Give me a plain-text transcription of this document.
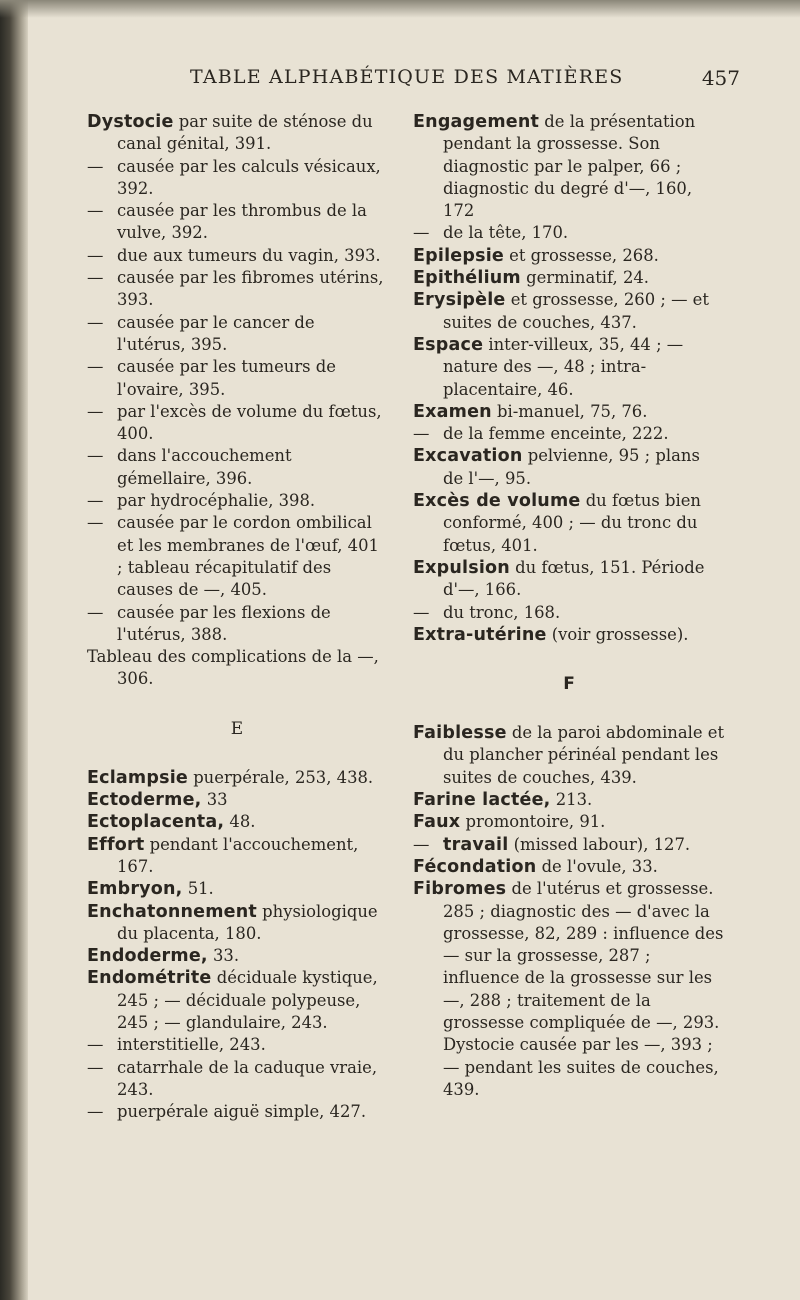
TABLE ALPHABÉTIQUE DES MATIÈRES	457

Dystocie par suite de sténose du canal génital, 391.

—causée par les calculs vésicaux, 392.

—causée par les thrombus de la vulve, 392.

—due aux tumeurs du vagin, 393.

—causée par les fibromes utérins, 393.

—causée par le cancer de l'utérus, 395.

—causée par les tumeurs de l'ovaire, 395.

—par l'excès de volume du fœtus, 400.

—dans l'accouchement gémellaire, 396.

—par hydrocéphalie, 398.

—causée par le cordon ombilical et les membranes de l'œuf, 401 ; tableau récapitulatif des causes de —, 405.

—causée par les flexions de l'utérus, 388.

Tableau des complications de la —, 306.

E

Eclampsie puerpérale, 253, 438.

Ectoderme, 33

Ectoplacenta, 48.

Effort pendant l'accouchement, 167.

Embryon, 51.

Enchatonnement physiologique du placenta, 180.

Endoderme, 33.

Endométrite déciduale kystique, 245 ; — déciduale polypeuse, 245 ; — glandulaire, 243.

—interstitielle, 243.

—catarrhale de la caduque vraie, 243.

—puerpérale aiguë simple, 427.

Engagement de la présentation pendant la grossesse. Son diagnostic par le palper, 66 ; diagnostic du degré d'—, 160, 172

—de la tête, 170.

Epilepsie et grossesse, 268.

Epithélium germinatif, 24.

Erysipèle et grossesse, 260 ; — et suites de couches, 437.

Espace inter-villeux, 35, 44 ; — nature des —, 48 ; intra-placentaire, 46.

Examen bi-manuel, 75, 76.

—de la femme enceinte, 222.

Excavation pelvienne, 95 ; plans de l'—, 95.

Excès de volume du fœtus bien conformé, 400 ; — du tronc du fœtus, 401.

Expulsion du fœtus, 151. Période d'—, 166.

—du tronc, 168.

Extra-utérine (voir grossesse).

F

Faiblesse de la paroi abdominale et du plancher périnéal pendant les suites de couches, 439.

Farine lactée, 213.

Faux promontoire, 91.

—travail (missed labour), 127.

Fécondation de l'ovule, 33.

Fibromes de l'utérus et grossesse. 285 ; diagnostic des — d'avec la grossesse, 82, 289 : influence des — sur la grossesse, 287 ; influence de la grossesse sur les —, 288 ; traitement de la grossesse compliquée de —, 293. Dystocie causée par les —, 393 ; — pendant les suites de couches, 439.
